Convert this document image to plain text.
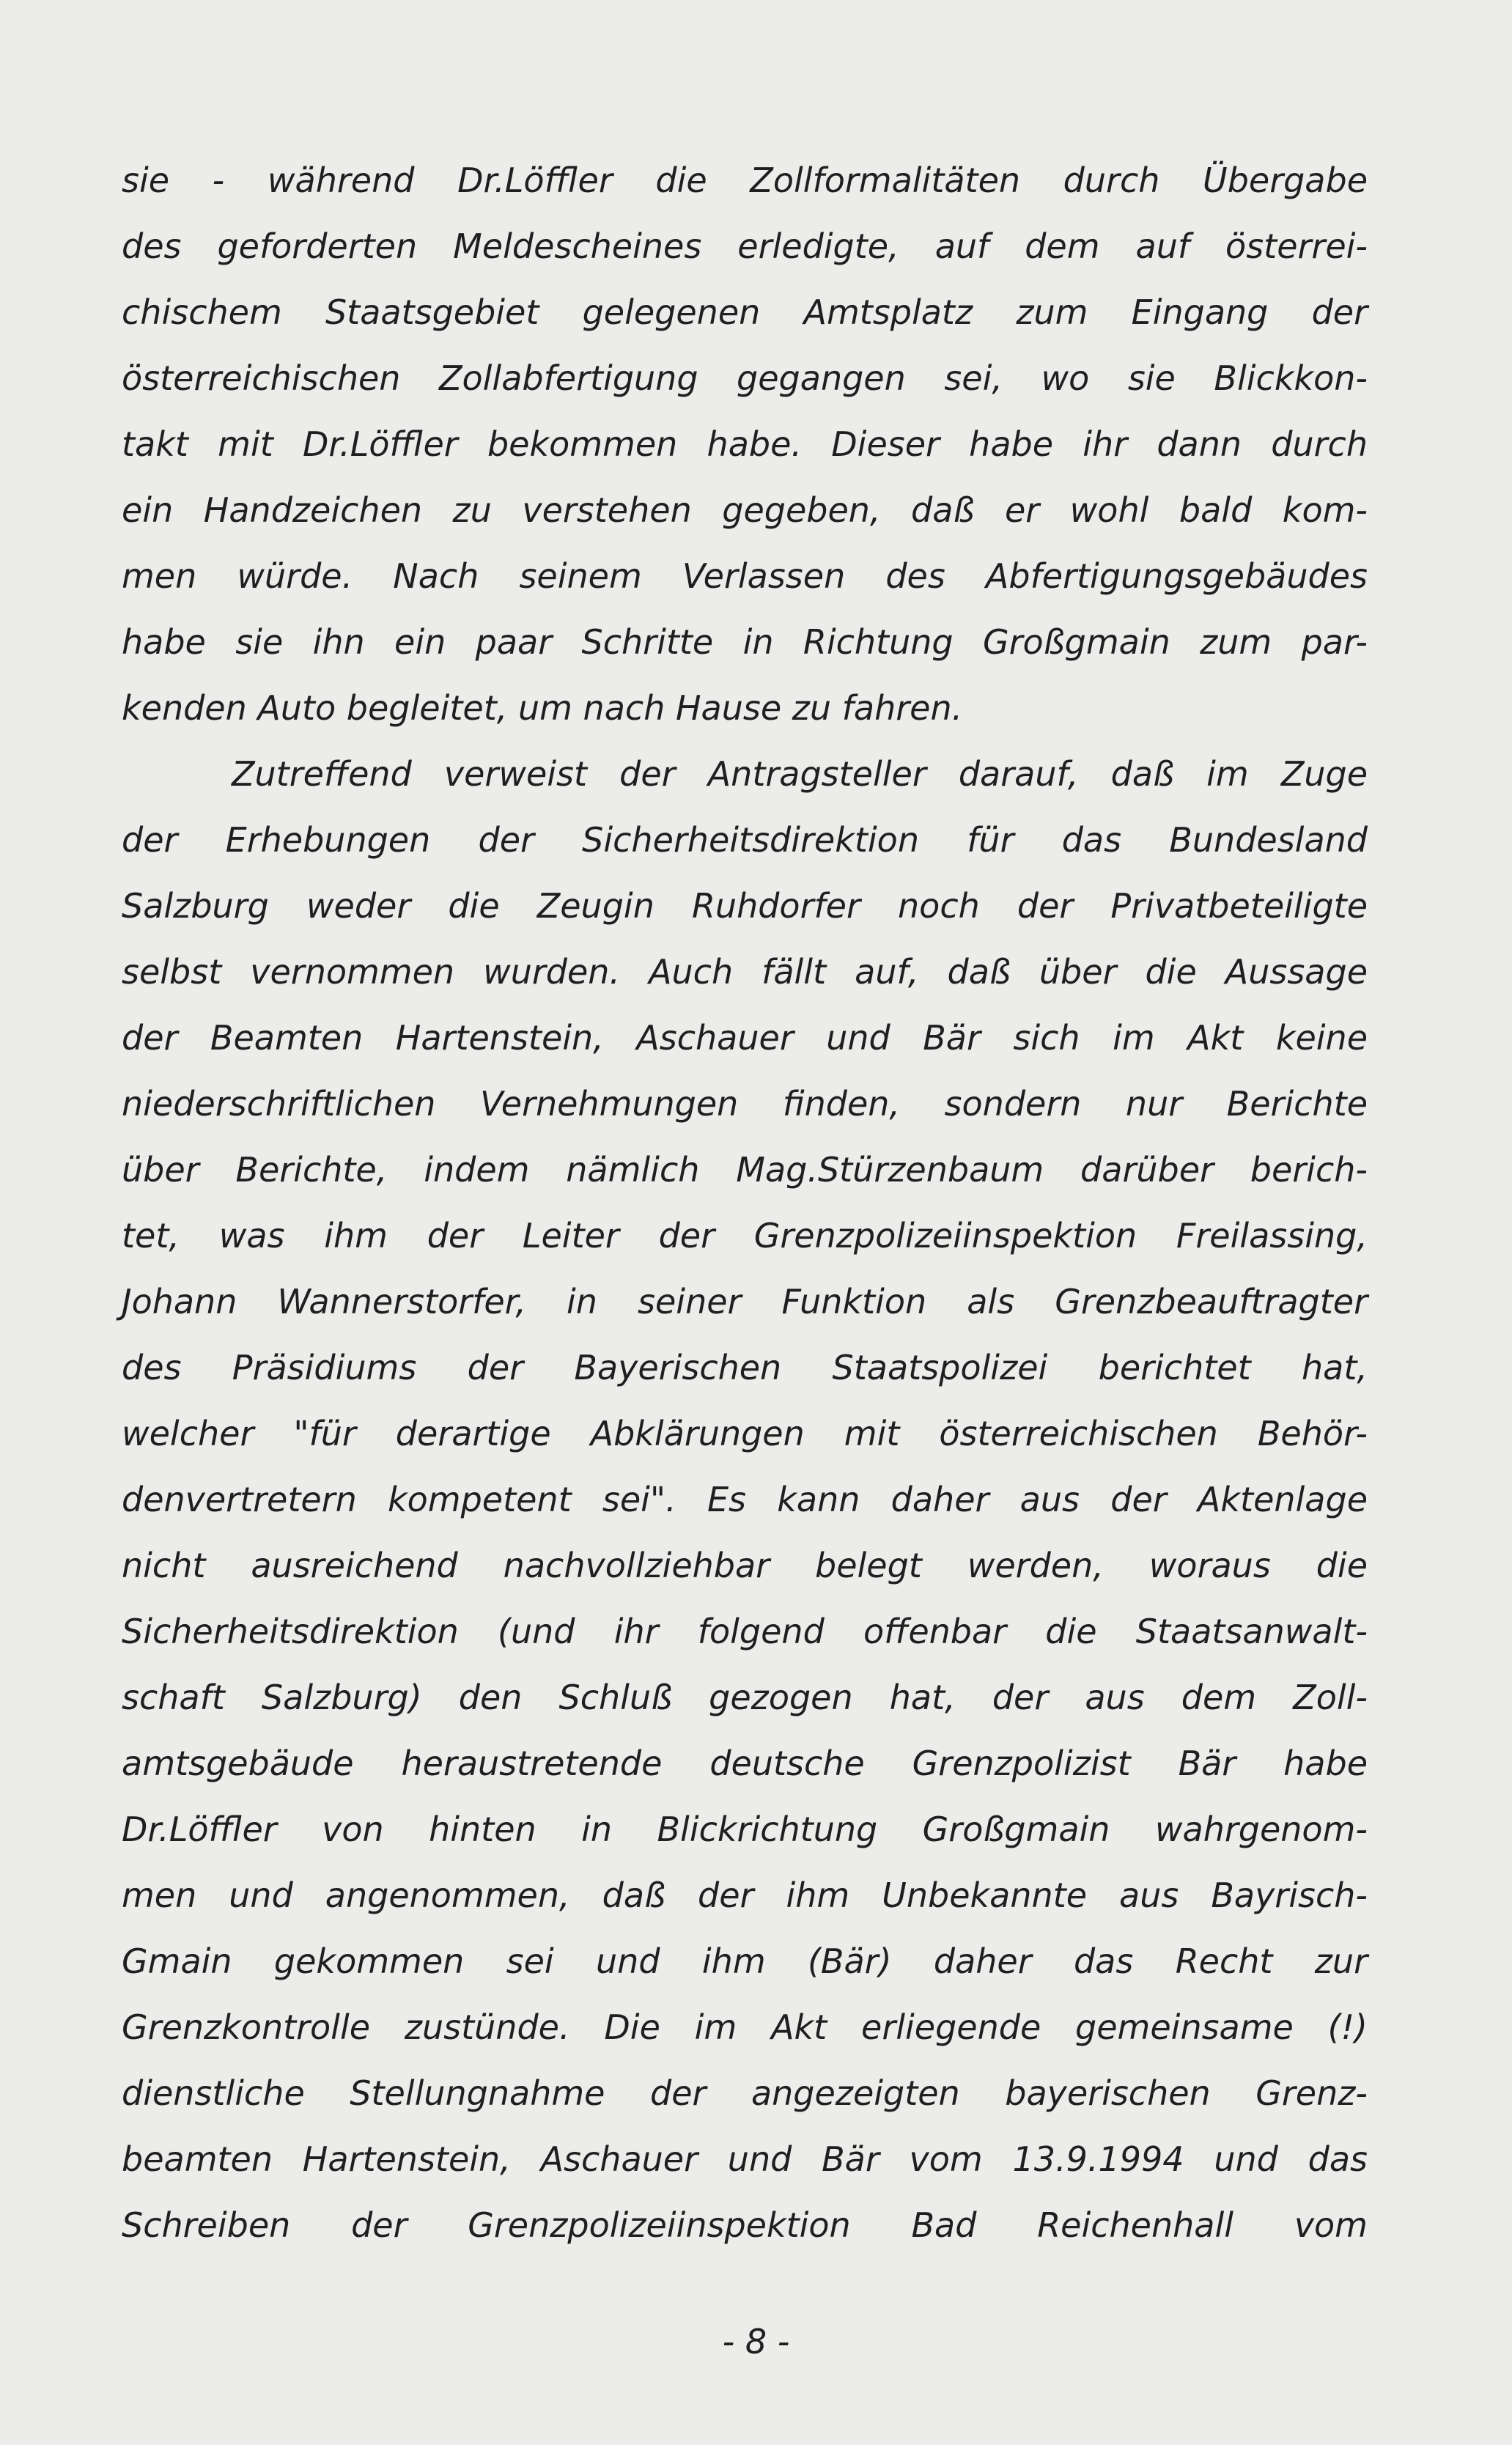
sie - während Dr.Löffler die Zollformalitäten durch Übergabe
des geforderten Meldescheines erledigte, auf dem auf österrei-
chischem Staatsgebiet gelegenen Amtsplatz zum Eingang der
österreichischen Zollabfertigung gegangen sei, wo sie Blickkon-
takt mit Dr.Löffler bekommen habe. Dieser habe ihr dann durch
ein Handzeichen zu verstehen gegeben, daß er wohl bald kom-
men würde. Nach seinem Verlassen des Abfertigungsgebäudes
habe sie ihn ein paar Schritte in Richtung Großgmain zum par-
kenden Auto begleitet, um nach Hause zu fahren.
Zutreffend verweist der Antragsteller darauf, daß im Zuge
der Erhebungen der Sicherheitsdirektion für das Bundesland
Salzburg weder die Zeugin Ruhdorfer noch der Privatbeteiligte
selbst vernommen wurden. Auch fällt auf, daß über die Aussage
der Beamten Hartenstein, Aschauer und Bär sich im Akt keine
niederschriftlichen Vernehmungen finden, sondern nur Berichte
über Berichte, indem nämlich Mag.Stürzenbaum darüber berich-
tet, was ihm der Leiter der Grenzpolizeiinspektion Freilassing,
Johann Wannerstorfer, in seiner Funktion als Grenzbeauftragter
des Präsidiums der Bayerischen Staatspolizei berichtet hat,
welcher "für derartige Abklärungen mit österreichischen Behör-
denvertretern kompetent sei". Es kann daher aus der Aktenlage
nicht ausreichend nachvollziehbar belegt werden, woraus die
Sicherheitsdirektion (und ihr folgend offenbar die Staatsanwalt-
schaft Salzburg) den Schluß gezogen hat, der aus dem Zoll-
amtsgebäude heraustretende deutsche Grenzpolizist Bär habe
Dr.Löffler von hinten in Blickrichtung Großgmain wahrgenom-
men und angenommen, daß der ihm Unbekannte aus Bayrisch-
Gmain gekommen sei und ihm (Bär) daher das Recht zur
Grenzkontrolle zustünde. Die im Akt erliegende gemeinsame (!)
dienstliche Stellungnahme der angezeigten bayerischen Grenz-
beamten Hartenstein, Aschauer und Bär vom 13.9.1994 und das
Schreiben der Grenzpolizeiinspektion Bad Reichenhall vom
- 8 -
